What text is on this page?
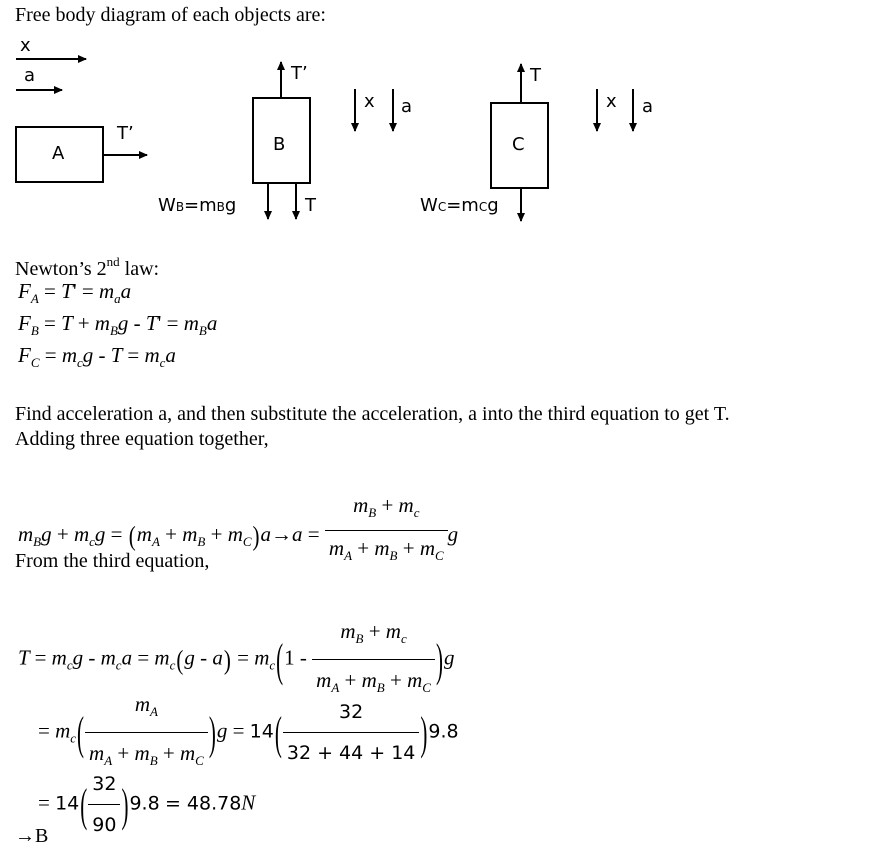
Free body diagram of each objects are:
x
a
A
T’
B
T’
T
WB=mBg
x a
C
T
WC=mCg
x a
Newton’s 2nd law:
$F_A = T' = m_aa$
$F_B = T + m_Bg - T' = m_Ba$
$F_C = m_cg - T = m_ca$
Find acceleration a, and then substitute the acceleration, a into the third equation to get T.
Adding three equation together,
$m_Bg + m_cg = (m_A + m_B + m_C)a\to a = \frac{m_B + m_c}{m_A + m_B + m_C}$ g
From the third equation,
$T = m_cg - m_ca = m_c(g - a) = m_c(1 - \frac{m_B + m_c}{m_A + m_B + m_C} )g$
= $m_c( \frac{m_A}{m_A + m_B + m_C} )g = 14( \frac{32}{32 + 44 + 14} )9.8$
= $14( \frac{32}{90} )9.8 = 48.78N$
→B
